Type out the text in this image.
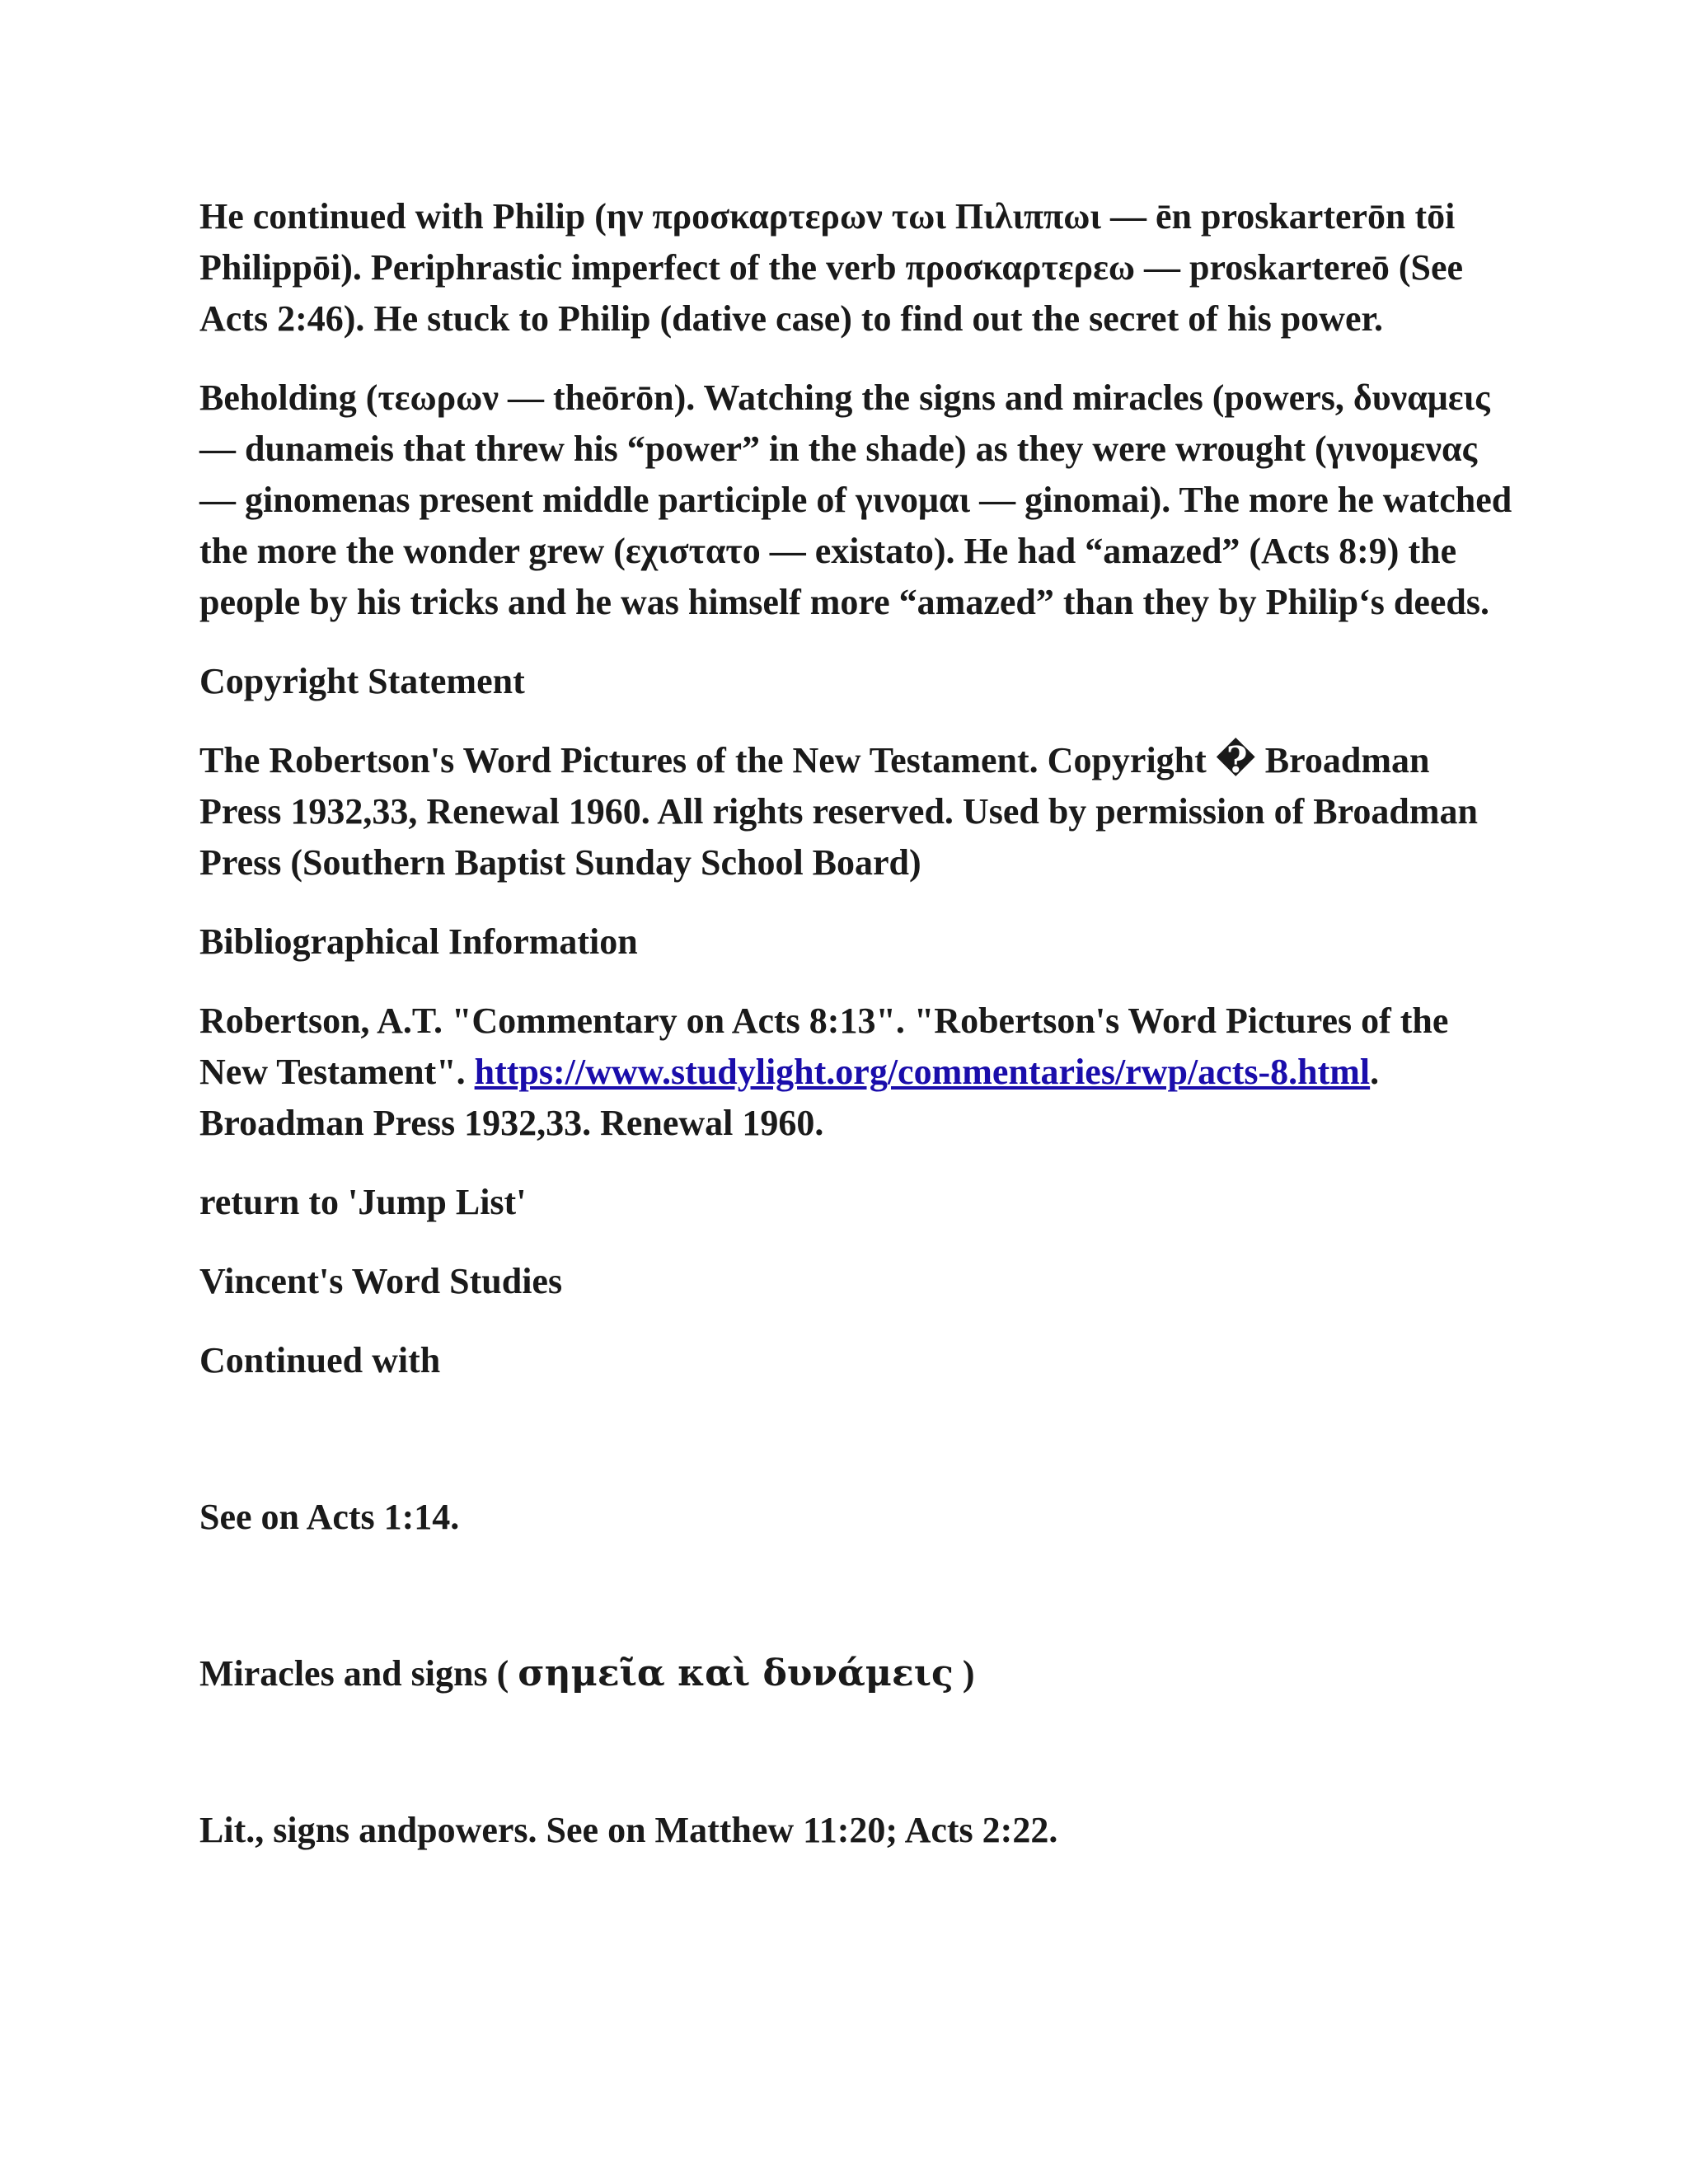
He continued with Philip (ην προσκαρτερων τωι Πιλιππωι — ēn proskarterōn tōi Philippōi). Periphrastic imperfect of the verb προσκαρτερεω — proskartereō (See Acts 2:46). He stuck to Philip (dative case) to find out the secret of his power.

Beholding (τεωρων — theōrōn). Watching the signs and miracles (powers, δυναμεις — dunameis that threw his “power” in the shade) as they were wrought (γινομενας — ginomenas present middle participle of γινομαι — ginomai). The more he watched the more the wonder grew (εχιστατο — existato). He had “amazed” (Acts 8:9) the people by his tricks and he was himself more “amazed” than they by Philip‘s deeds.

Copyright Statement

The Robertson's Word Pictures of the New Testament. Copyright � Broadman Press 1932,33, Renewal 1960. All rights reserved. Used by permission of Broadman Press (Southern Baptist Sunday School Board)

Bibliographical Information

Robertson, A.T. "Commentary on Acts 8:13". "Robertson's Word Pictures of the New Testament". https://www.studylight.org/commentaries/rwp/acts-8.html. Broadman Press 1932,33. Renewal 1960.

return to 'Jump List'

Vincent's Word Studies

Continued with

See on Acts 1:14.

Miracles and signs ( σημεῖα καὶ δυνάμεις )

Lit., signs andpowers. See on Matthew 11:20; Acts 2:22.
